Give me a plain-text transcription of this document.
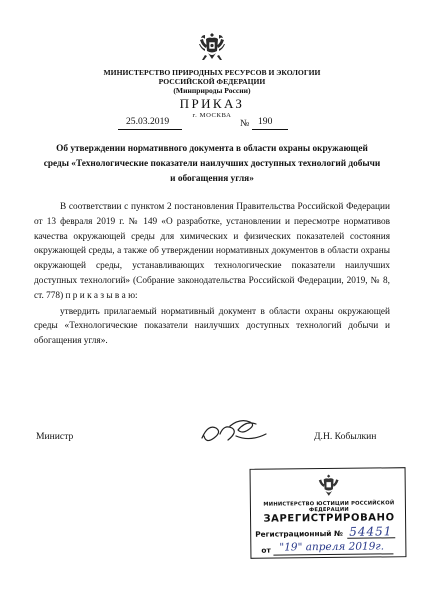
МИНИСТЕРСТВО ПРИРОДНЫХ РЕСУРСОВ И ЭКОЛОГИИ
РОССИЙСКОЙ ФЕДЕРАЦИИ
(Минприроды России)
ПРИКАЗ
г. МОСКВА
25.03.2019	№ 190
Об утверждении нормативного документа в области охраны окружающей
среды «Технологические показатели наилучших доступных технологий добычи
и обогащения угля»

В соответствии с пунктом 2 постановления Правительства Российской Федерации от 13 февраля 2019 г. № 149 «О разработке, установлении и пересмотре нормативов качества окружающей среды для химических и физических показателей состояния окружающей среды, а также об утверждении нормативных документов в области охраны окружающей среды, устанавливающих технологические показатели наилучших доступных технологий» (Собрание законодательства Российской Федерации, 2019, № 8, ст. 778) п р и к а з ы в а ю:

утвердить прилагаемый нормативный документ в области охраны окружающей среды «Технологические показатели наилучших доступных технологий добычи и обогащения угля».

Министр	Д.Н. Кобылкин
МИНИСТЕРСТВО ЮСТИЦИИ РОССИЙСКОЙ ФЕДЕРАЦИИ
ЗАРЕГИСТРИРОВАНО
Регистрационный № 54451
от "19" апреля 2019г.
